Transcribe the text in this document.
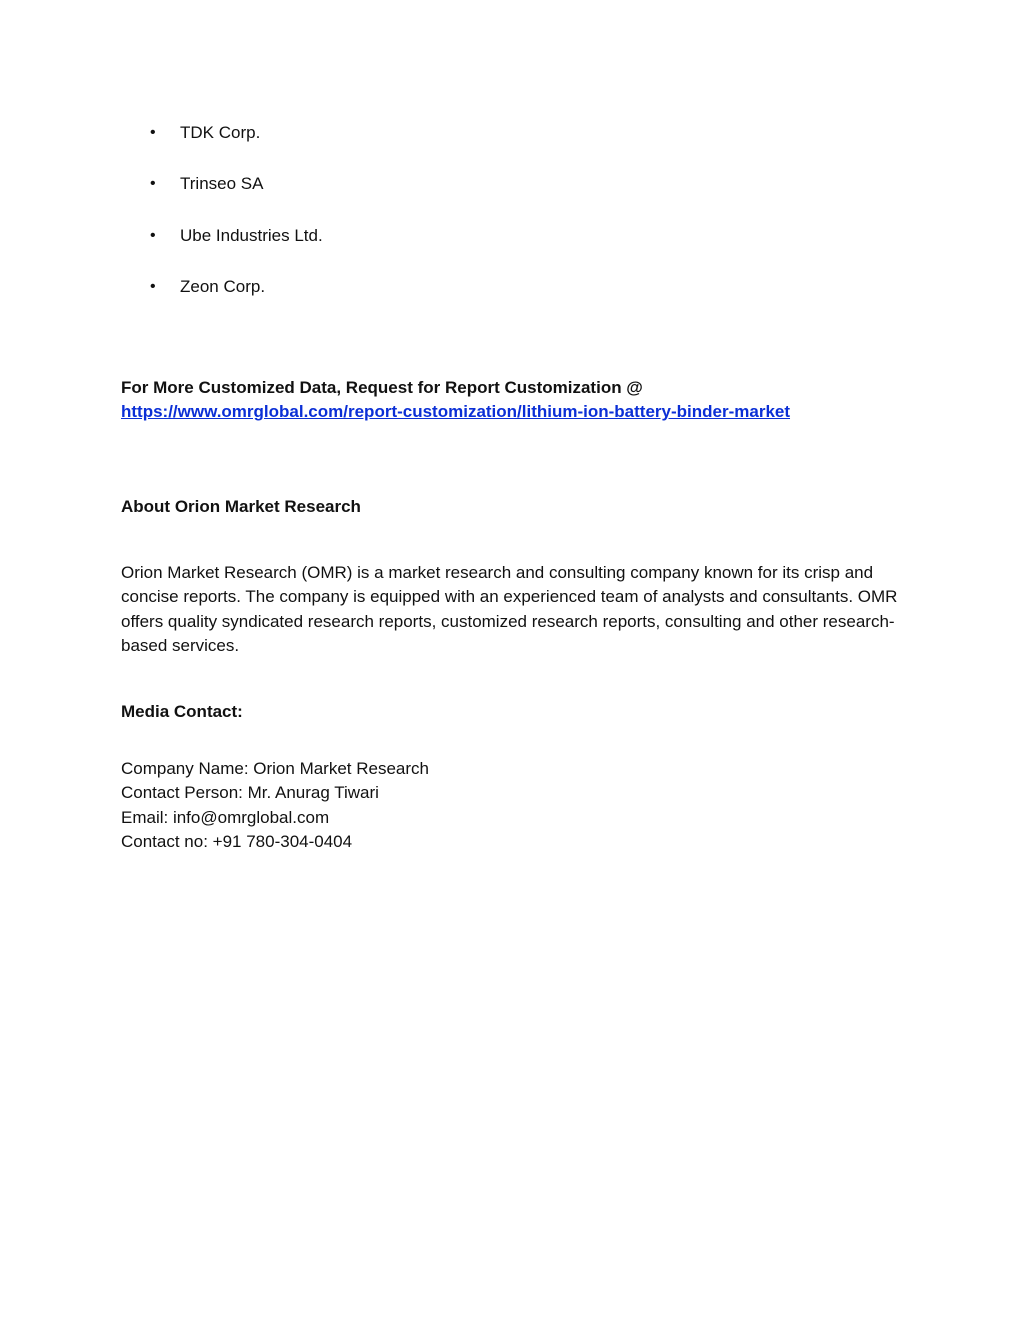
•	TDK Corp.
•	Trinseo SA
•	Ube Industries Ltd.
•	Zeon Corp.
For More Customized Data, Request for Report Customization @
https://www.omrglobal.com/report-customization/lithium-ion-battery-binder-market
About Orion Market Research

Orion Market Research (OMR) is a market research and consulting company known for its crisp and concise reports. The company is equipped with an experienced team of analysts and consultants. OMR offers quality syndicated research reports, customized research reports, consulting and other research-based services.

Media Contact:
Company Name: Orion Market Research
Contact Person: Mr. Anurag Tiwari
Email: info@omrglobal.com
Contact no: +91 780-304-0404
